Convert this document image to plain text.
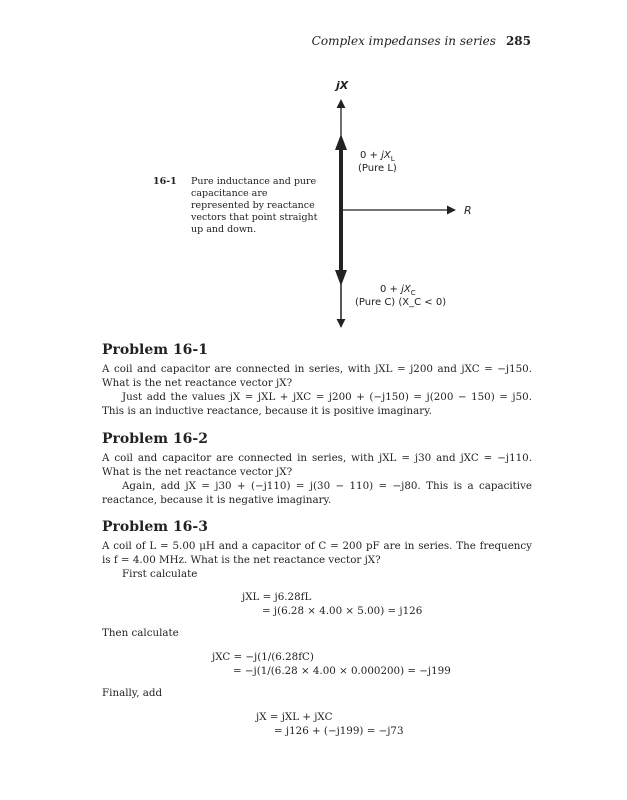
Complex impedanses in series 285
jX
R
$0 + jX_L$
(Pure L)
$0 + jX_C$
(Pure C) (X_C < 0)
16-1 Pure inductance and pure capacitance are represented by reactance vectors that point straight up and down.
Problem 16-1

A coil and capacitor are connected in series, with jXL = j200 and jXC = −j150. What is the net reactance vector jX?

Just add the values jX = jXL + jXC = j200 + (−j150) = j(200 − 150) = j50. This is an inductive reactance, because it is positive imaginary.

Problem 16-2

A coil and capacitor are connected in series, with jXL = j30 and jXC = −j110. What is the net reactance vector jX?

Again, add jX = j30 + (−j110) = j(30 − 110) = −j80. This is a capacitive reactance, because it is negative imaginary.

Problem 16-3

A coil of L = 5.00 μH and a capacitor of C = 200 pF are in series. The frequency is f = 4.00 MHz. What is the net reactance vector jX?

First calculate

jXL = j6.28fL
= j(6.28 × 4.00 × 5.00) = j126

Then calculate

jXC = −j(1/(6.28fC)
= −j(1/(6.28 × 4.00 × 0.000200) = −j199

Finally, add

jX = jXL + jXC
= j126 + (−j199) = −j73
